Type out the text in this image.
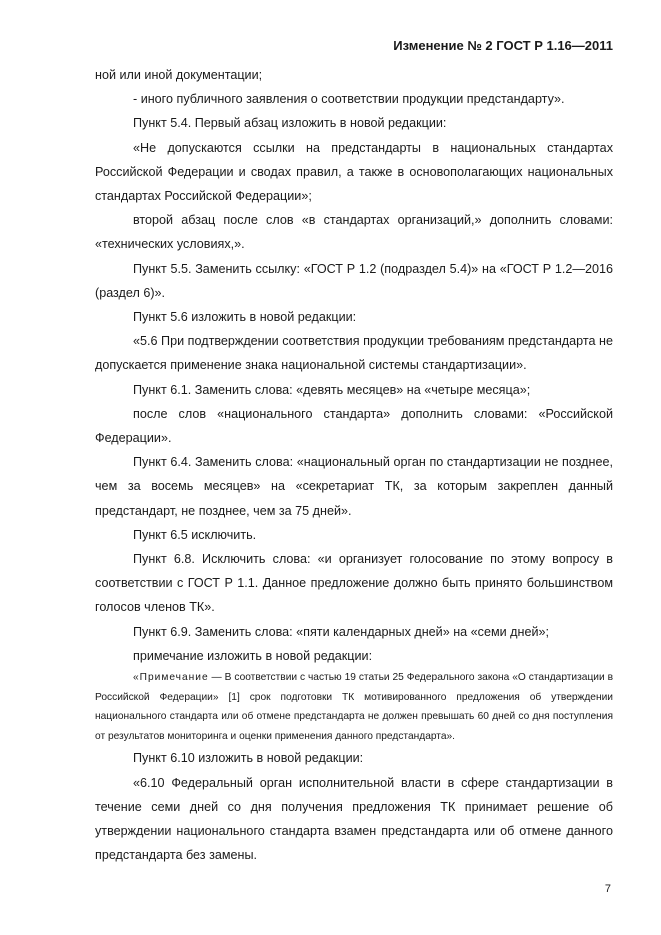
Изменение № 2 ГОСТ Р 1.16—2011

ной или иной документации;

- иного публичного заявления о соответствии продукции предстандарту».

Пункт 5.4. Первый абзац изложить в новой редакции:

«Не допускаются ссылки на предстандарты в национальных стандартах Российской Федерации и сводах правил, а также в основополагающих национальных стандартах Российской Федерации»;

второй абзац после слов «в стандартах организаций,» дополнить словами: «технических условиях,».

Пункт 5.5. Заменить ссылку: «ГОСТ Р 1.2 (подраздел 5.4)» на «ГОСТ Р 1.2—2016 (раздел 6)».

Пункт 5.6 изложить в новой редакции:

«5.6 При подтверждении соответствия продукции требованиям предстандарта не допускается применение знака национальной системы стандартизации».

Пункт 6.1. Заменить слова: «девять месяцев» на «четыре месяца»;

после слов «национального стандарта» дополнить словами: «Российской Федерации».

Пункт 6.4. Заменить слова: «национальный орган по стандартизации не позднее, чем за восемь месяцев» на «секретариат ТК, за которым закреплен данный предстандарт, не позднее, чем за 75 дней».

Пункт 6.5 исключить.

Пункт 6.8. Исключить слова: «и организует голосование по этому вопросу в соответствии с ГОСТ Р 1.1. Данное предложение должно быть принято большинством голосов членов ТК».

Пункт 6.9. Заменить слова: «пяти календарных дней» на «семи дней»;

примечание изложить в новой редакции:

«Примечание — В соответствии с частью 19 статьи 25 Федерального закона «О стандартизации в Российской Федерации» [1] срок подготовки ТК мотивированного предложения об утверждении национального стандарта или об отмене предстандарта не должен превышать 60 дней со дня поступления от результатов мониторинга и оценки применения данного предстандарта».

Пункт 6.10 изложить в новой редакции:

«6.10 Федеральный орган исполнительной власти в сфере стандартизации в течение семи дней со дня получения предложения ТК принимает решение об утверждении национального стандарта взамен предстандарта или об отмене данного предстандарта без замены.

7
